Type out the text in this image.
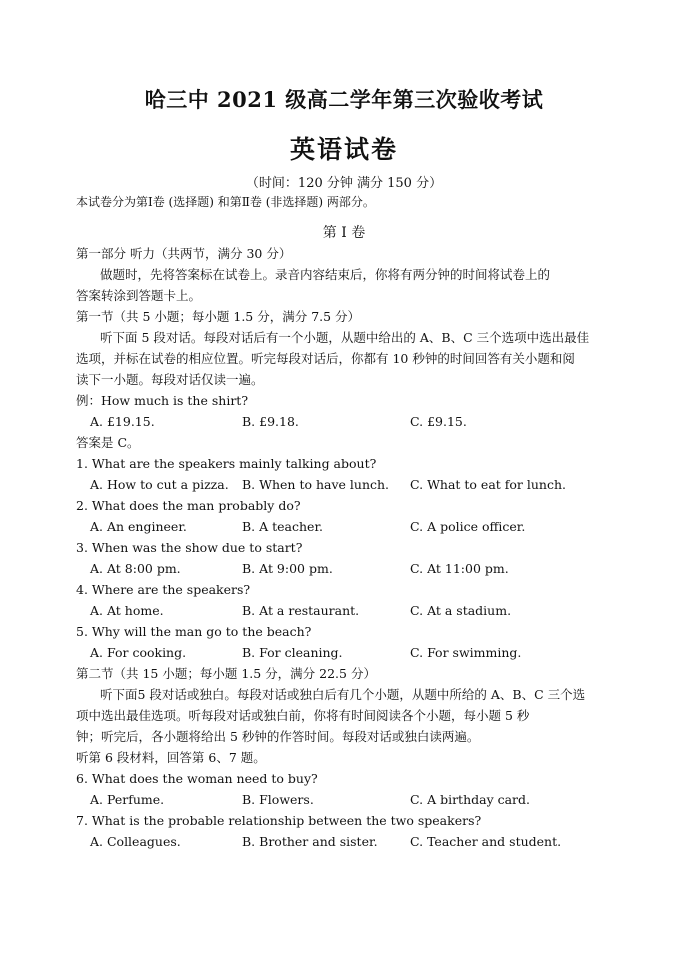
哈三中 2021 级高二学年第三次验收考试
英语试卷
（时间：120 分钟 满分 150 分）
本试卷分为第Ⅰ卷 (选择题) 和第Ⅱ卷 (非选择题) 两部分。
第 Ⅰ 卷
第一部分 听力（共两节，满分 30 分）
做题时，先将答案标在试卷上。录音内容结束后，你将有两分钟的时间将试卷上的
答案转涂到答题卡上。
第一节（共 5 小题；每小题 1.5 分，满分 7.5 分）
听下面 5 段对话。每段对话后有一个小题，从题中给出的 A、B、C 三个选项中选出最佳
选项，并标在试卷的相应位置。听完每段对话后，你都有 10 秒钟的时间回答有关小题和阅
读下一小题。每段对话仅读一遍。
例：How much is the shirt?
A. £19.15.	B. £9.18.	C. £9.15.
答案是 C。
1. What are the speakers mainly talking about?
A. How to cut a pizza. B. When to have lunch. C. What to eat for lunch.
2. What does the man probably do?
A. An engineer.	B. A teacher.	C. A police officer.
3. When was the show due to start?
A. At 8:00 pm.	B. At 9:00 pm.	C. At 11:00 pm.
4. Where are the speakers?
A. At home.	B. At a restaurant.	C. At a stadium.
5. Why will the man go to the beach?
A. For cooking.	B. For cleaning.	C. For swimming.
第二节（共 15 小题；每小题 1.5 分，满分 22.5 分）
听下面5 段对话或独白。每段对话或独白后有几个小题，从题中所给的 A、B、C 三个选
项中选出最佳选项。听每段对话或独白前，你将有时间阅读各个小题，每小题 5 秒
钟；听完后，各小题将给出 5 秒钟的作答时间。每段对话或独白读两遍。
听第 6 段材料，回答第 6、7 题。
6. What does the woman need to buy?
A. Perfume.	B. Flowers.	C. A birthday card.
7. What is the probable relationship between the two speakers?
A. Colleagues.	B. Brother and sister.	C. Teacher and student.
